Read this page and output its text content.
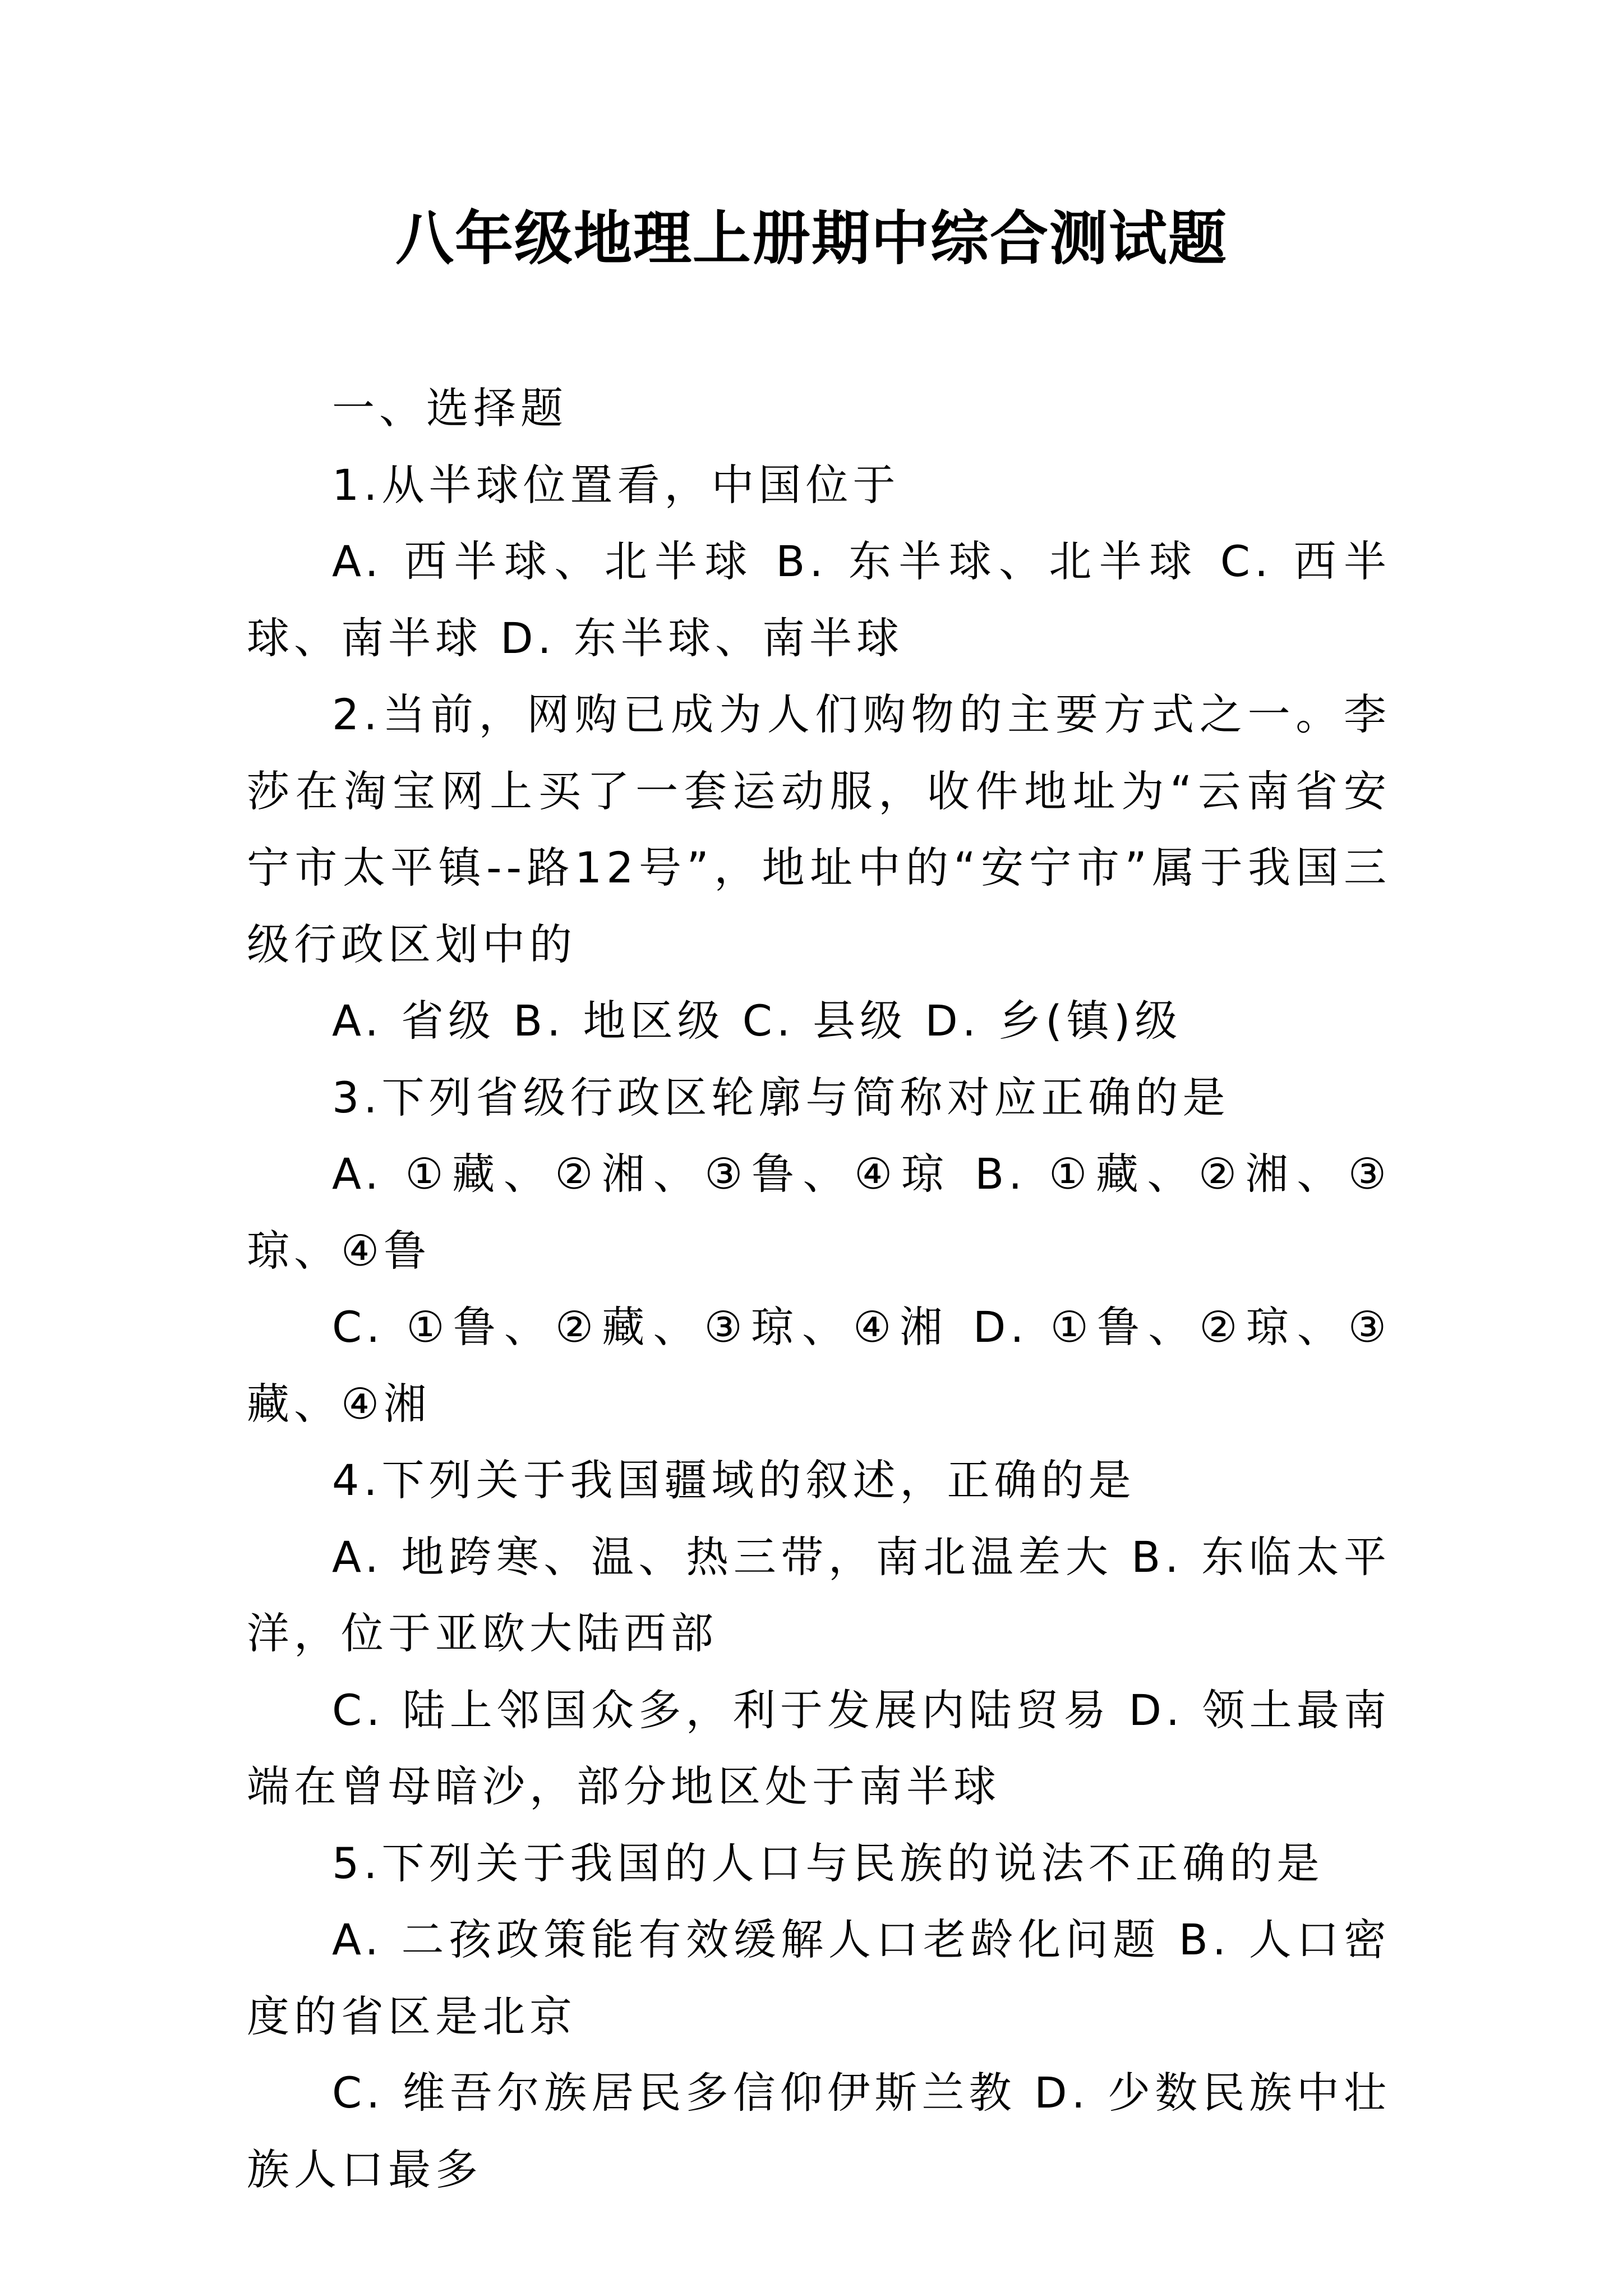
八年级地理上册期中综合测试题

一、选择题

1.从半球位置看，中国位于

A. 西半球、北半球 B. 东半球、北半球 C. 西半球、南半球 D. 东半球、南半球

2.当前，网购已成为人们购物的主要方式之一。李莎在淘宝网上买了一套运动服，收件地址为“云南省安宁市太平镇--路12号”，地址中的“安宁市”属于我国三级行政区划中的

A. 省级 B. 地区级 C. 县级 D. 乡(镇)级

3.下列省级行政区轮廓与简称对应正确的是

A. ①藏、②湘、③鲁、④琼 B. ①藏、②湘、③琼、④鲁

C. ①鲁、②藏、③琼、④湘 D. ①鲁、②琼、③藏、④湘

4.下列关于我国疆域的叙述，正确的是

A. 地跨寒、温、热三带，南北温差大 B. 东临太平洋，位于亚欧大陆西部

C. 陆上邻国众多，利于发展内陆贸易 D. 领土最南端在曾母暗沙，部分地区处于南半球

5.下列关于我国的人口与民族的说法不正确的是

A. 二孩政策能有效缓解人口老龄化问题 B. 人口密度的省区是北京

C. 维吾尔族居民多信仰伊斯兰教 D. 少数民族中壮族人口最多
